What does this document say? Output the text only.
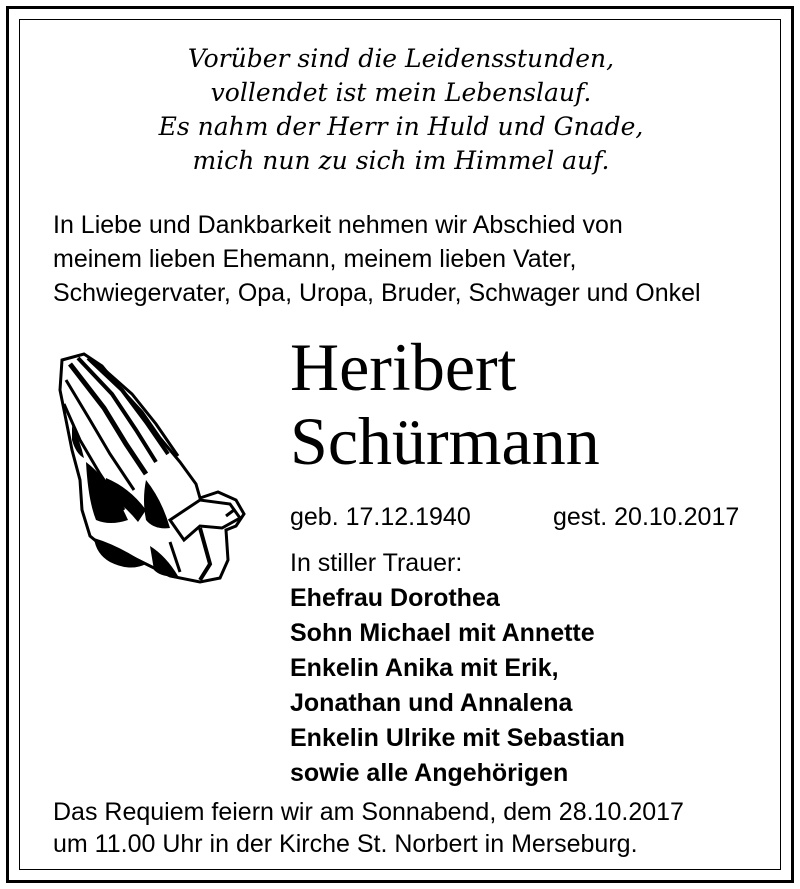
Vorüber sind die Leidensstunden,
vollendet ist mein Lebenslauf.
Es nahm der Herr in Huld und Gnade,
mich nun zu sich im Himmel auf.
In Liebe und Dankbarkeit nehmen wir Abschied von
meinem lieben Ehemann, meinem lieben Vater,
Schwiegervater, Opa, Uropa, Bruder, Schwager und Onkel
Heribert
Schürmann
geb. 17.12.1940	gest. 20.10.2017
In stiller Trauer:
Ehefrau Dorothea
Sohn Michael mit Annette
Enkelin Anika mit Erik,
Jonathan und Annalena
Enkelin Ulrike mit Sebastian
sowie alle Angehörigen
Das Requiem feiern wir am Sonnabend, dem 28.10.2017
um 11.00 Uhr in der Kirche St. Norbert in Merseburg.
